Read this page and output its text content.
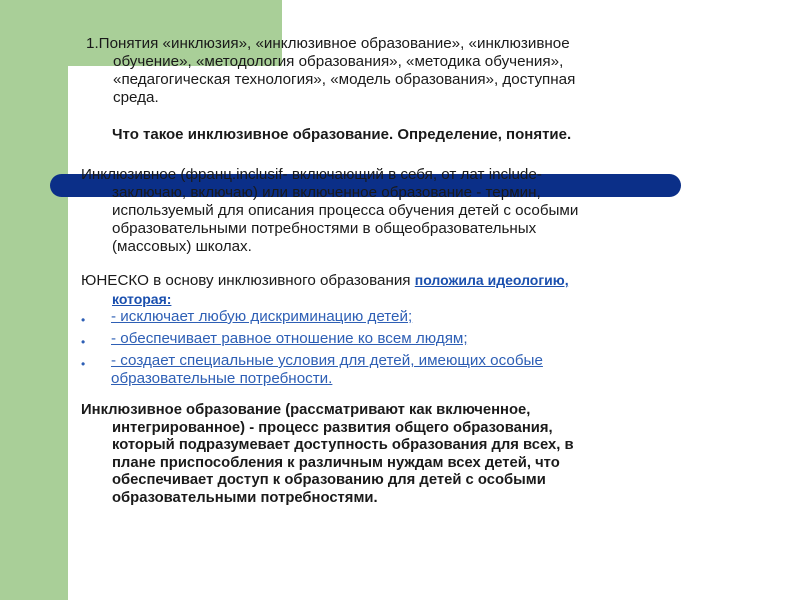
1.Понятия «инклюзия», «инклюзивное образование», «инклюзивное
обучение», «методология образования», «методика обучения»,
«педагогическая технология», «модель образования», доступная
среда.

Что такое инклюзивное образование. Определение, понятие.

Инклюзивное (франц.inclusif- включающий в себя, от лат include-
заключаю, включаю) или включенное образование - термин,
используемый для описания процесса обучения детей с особыми
образовательными потребностями в общеобразовательных
(массовых) школах.

ЮНЕСКО в основу инклюзивного образования положила идеологию,
которая:

• - исключает любую дискриминацию детей;
• - обеспечивает равное отношение ко всем людям;
• - создает специальные условия для детей, имеющих особые
образовательные потребности.

Инклюзивное образование (рассматривают как включенное,
интегрированное) - процесс развития общего образования,
который подразумевает доступность образования для всех, в
плане приспособления к различным нуждам всех детей, что
обеспечивает доступ к образованию для детей с особыми
образовательными потребностями.
